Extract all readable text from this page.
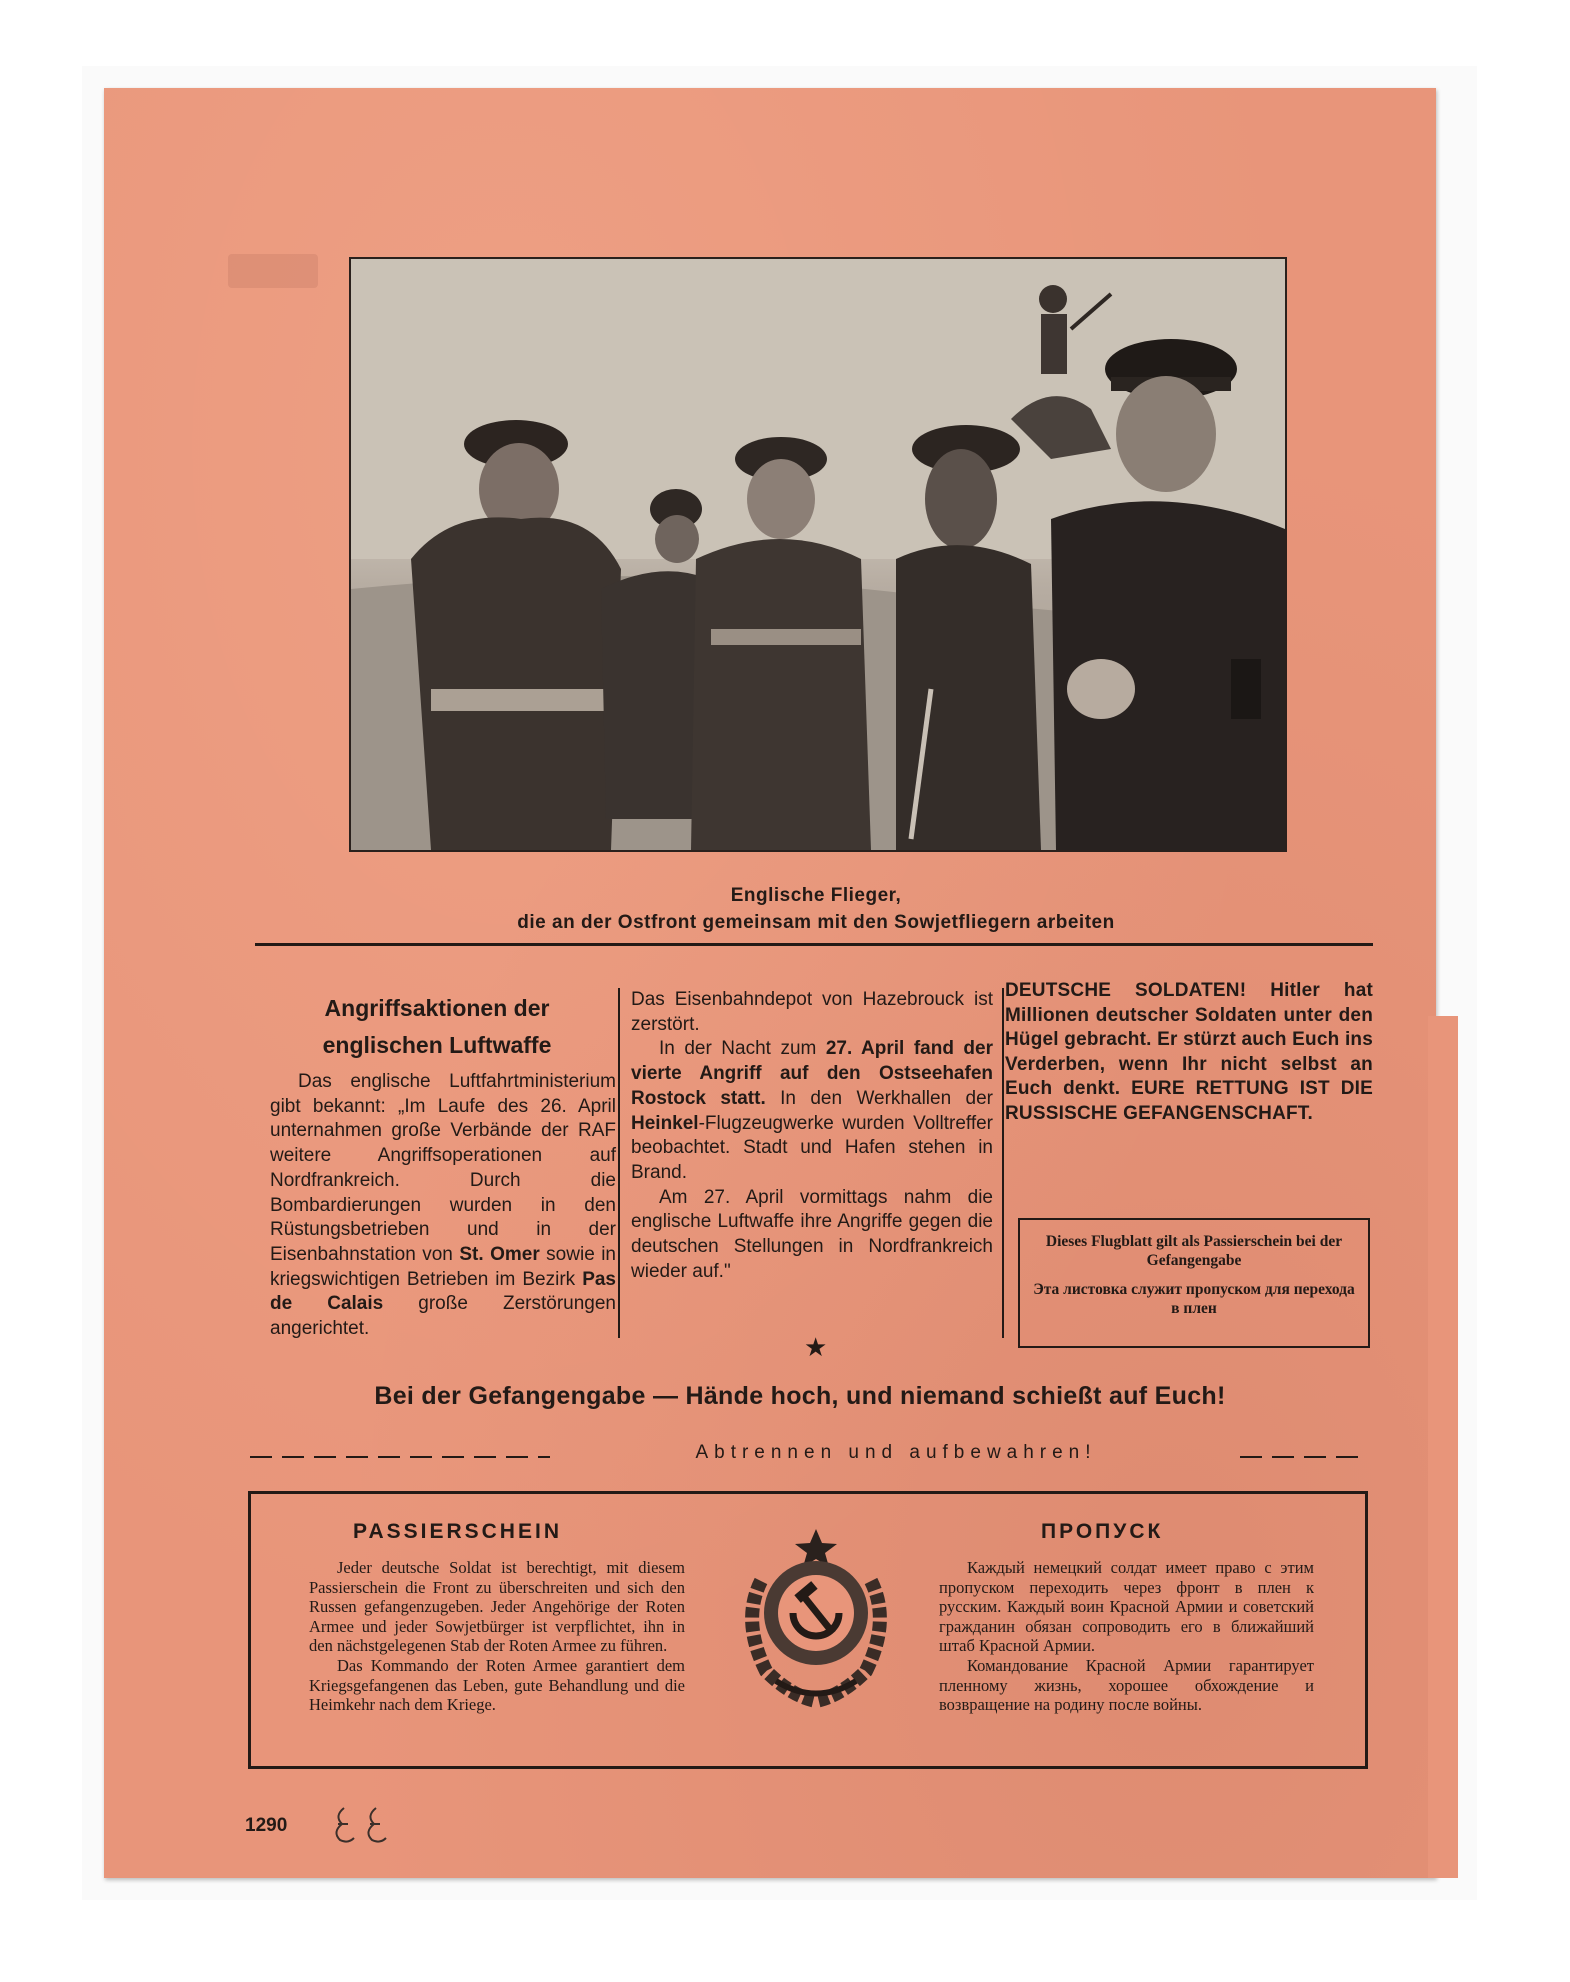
Englische Flieger,
die an der Ostfront gemeinsam mit den Sowjetfliegern arbeiten
Angriffsaktionen der
englischen Luftwaffe

Das englische Luftfahrtministerium gibt bekannt: „Im Laufe des 26. April unternahmen große Verbände der RAF weitere Angriffsoperationen auf Nordfrankreich. Durch die Bombardierungen wurden in den Rüstungsbetrieben und in der Eisenbahnstation von St. Omer sowie in kriegswichtigen Betrieben im Bezirk Pas de Calais große Zerstörungen angerichtet.

Das Eisenbahndepot von Hazebrouck ist zerstört.

In der Nacht zum 27. April fand der vierte Angriff auf den Ostseehafen Rostock statt. In den Werkhallen der Heinkel-Flugzeugwerke wurden Volltreffer beobachtet. Stadt und Hafen stehen in Brand.

Am 27. April vormittags nahm die englische Luftwaffe ihre Angriffe gegen die deutschen Stellungen in Nordfrankreich wieder auf."

DEUTSCHE SOLDATEN! Hitler hat Millionen deutscher Soldaten unter den Hügel gebracht. Er stürzt auch Euch ins Verderben, wenn Ihr nicht selbst an Euch denkt. EURE RETTUNG IST DIE RUSSISCHE GEFANGENSCHAFT.
Dieses Flugblatt gilt als Passierschein bei der Gefangengabe
Эта листовка служит пропуском для перехода в плен
★
Bei der Gefangengabe — Hände hoch, und niemand schießt auf Euch!
Abtrennen und aufbewahren!
PASSIERSCHEIN

Jeder deutsche Soldat ist berechtigt, mit diesem Passierschein die Front zu überschreiten und sich den Russen gefangenzugeben. Jeder Angehörige der Roten Armee und jeder Sowjetbürger ist verpflichtet, ihn in den nächstgelegenen Stab der Roten Armee zu führen.

Das Kommando der Roten Armee garantiert dem Kriegsgefangenen das Leben, gute Behandlung und die Heimkehr nach dem Kriege.

ПРОПУСК

Каждый немецкий солдат имеет право с этим пропуском переходить через фронт в плен к русским. Каждый воин Красной Армии и советский гражданин обязан сопроводить его в ближайший штаб Красной Армии.

Командование Красной Армии гарантирует пленному жизнь, хорошее обхождение и возвращение на родину после войны.

1290
